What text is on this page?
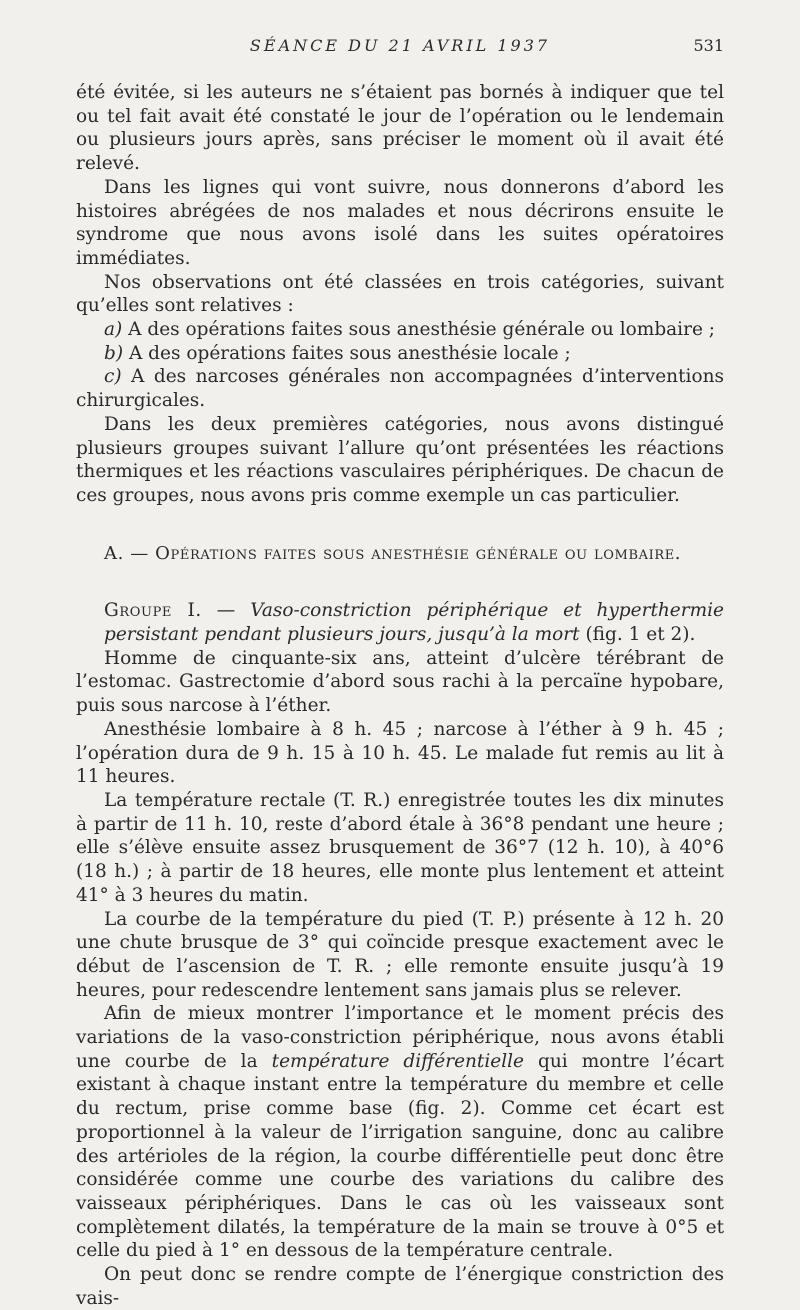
SÉANCE DU 21 AVRIL 1937	531

été évitée, si les auteurs ne s’étaient pas bornés à indiquer que tel ou tel fait avait été constaté le jour de l’opération ou le lendemain ou plusieurs jours après, sans préciser le moment où il avait été relevé.

Dans les lignes qui vont suivre, nous donnerons d’abord les histoires abrégées de nos malades et nous décrirons ensuite le syndrome que nous avons isolé dans les suites opératoires immédiates.

Nos observations ont été classées en trois catégories, suivant qu’elles sont relatives :

a) A des opérations faites sous anesthésie générale ou lombaire ;

b) A des opérations faites sous anesthésie locale ;

c) A des narcoses générales non accompagnées d’interventions chirurgicales.

Dans les deux premières catégories, nous avons distingué plusieurs groupes suivant l’allure qu’ont présentées les réactions thermiques et les réactions vasculaires périphériques. De chacun de ces groupes, nous avons pris comme exemple un cas particulier.

A. — Opérations faites sous anesthésie générale ou lombaire.

Groupe I. — Vaso-constriction périphérique et hyperthermie persistant pendant plusieurs jours, jusqu’à la mort (fig. 1 et 2).

Homme de cinquante-six ans, atteint d’ulcère térébrant de l’estomac. Gastrectomie d’abord sous rachi à la percaïne hypobare, puis sous narcose à l’éther.

Anesthésie lombaire à 8 h. 45 ; narcose à l’éther à 9 h. 45 ; l’opération dura de 9 h. 15 à 10 h. 45. Le malade fut remis au lit à 11 heures.

La température rectale (T. R.) enregistrée toutes les dix minutes à partir de 11 h. 10, reste d’abord étale à 36°8 pendant une heure ; elle s’élève ensuite assez brusquement de 36°7 (12 h. 10), à 40°6 (18 h.) ; à partir de 18 heures, elle monte plus lentement et atteint 41° à 3 heures du matin.

La courbe de la température du pied (T. P.) présente à 12 h. 20 une chute brusque de 3° qui coïncide presque exactement avec le début de l’ascension de T. R. ; elle remonte ensuite jusqu’à 19 heures, pour redescendre lentement sans jamais plus se relever.

Afin de mieux montrer l’importance et le moment précis des variations de la vaso-constriction périphérique, nous avons établi une courbe de la température différentielle qui montre l’écart existant à chaque instant entre la température du membre et celle du rectum, prise comme base (fig. 2). Comme cet écart est proportionnel à la valeur de l’irrigation sanguine, donc au calibre des artérioles de la région, la courbe différentielle peut donc être considérée comme une courbe des variations du calibre des vaisseaux périphériques. Dans le cas où les vaisseaux sont complètement dilatés, la température de la main se trouve à 0°5 et celle du pied à 1° en dessous de la température centrale.

On peut donc se rendre compte de l’énergique constriction des vais-
